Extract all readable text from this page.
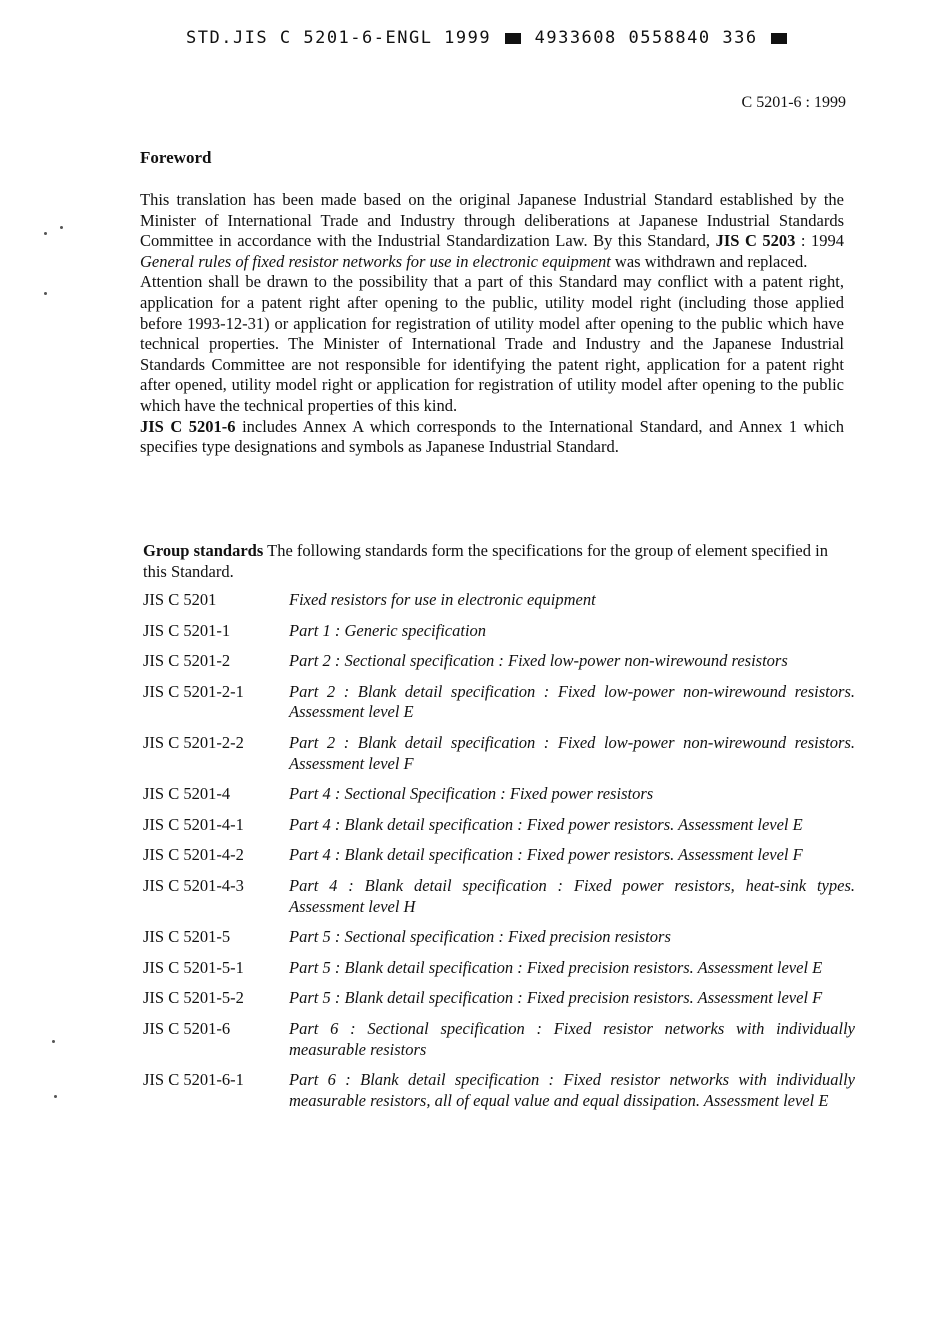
STD.JIS C 5201-6-ENGL 1999	4933608 0558840 336
C 5201-6 : 1999
Foreword

This translation has been made based on the original Japanese Industrial Standard established by the Minister of International Trade and Industry through deliberations at Japanese Industrial Standards Committee in accordance with the Industrial Standardization Law. By this Standard, JIS C 5203 : 1994 General rules of fixed resistor networks for use in electronic equipment was withdrawn and replaced.

Attention shall be drawn to the possibility that a part of this Standard may conflict with a patent right, application for a patent right after opening to the public, utility model right (including those applied before 1993-12-31) or application for registration of utility model after opening to the public which have technical properties. The Minister of International Trade and Industry and the Japanese Industrial Standards Committee are not responsible for identifying the patent right, application for a patent right after opened, utility model right or application for registration of utility model after opening to the public which have the technical properties of this kind.

JIS C 5201-6 includes Annex A which corresponds to the International Standard, and Annex 1 which specifies type designations and symbols as Japanese Industrial Standard.

Group standards The following standards form the specifications for the group of element specified in this Standard.
JIS C 5201	Fixed resistors for use in electronic equipment
JIS C 5201-1	Part 1 : Generic specification
JIS C 5201-2	Part 2 : Sectional specification : Fixed low-power non-wirewound resistors
JIS C 5201-2-1	Part 2 : Blank detail specification : Fixed low-power non-wirewound resistors. Assessment level E
JIS C 5201-2-2	Part 2 : Blank detail specification : Fixed low-power non-wirewound resistors. Assessment level F
JIS C 5201-4	Part 4 : Sectional Specification : Fixed power resistors
JIS C 5201-4-1	Part 4 : Blank detail specification : Fixed power resistors. Assessment level E
JIS C 5201-4-2	Part 4 : Blank detail specification : Fixed power resistors. Assessment level F
JIS C 5201-4-3	Part 4 : Blank detail specification : Fixed power resistors, heat-sink types. Assessment level H
JIS C 5201-5	Part 5 : Sectional specification : Fixed precision resistors
JIS C 5201-5-1	Part 5 : Blank detail specification : Fixed precision resistors. Assessment level E
JIS C 5201-5-2	Part 5 : Blank detail specification : Fixed precision resistors. Assessment level F
JIS C 5201-6	Part 6 : Sectional specification : Fixed resistor networks with individually measurable resistors
JIS C 5201-6-1	Part 6 : Blank detail specification : Fixed resistor networks with individually measurable resistors, all of equal value and equal dissipation. Assessment level E
